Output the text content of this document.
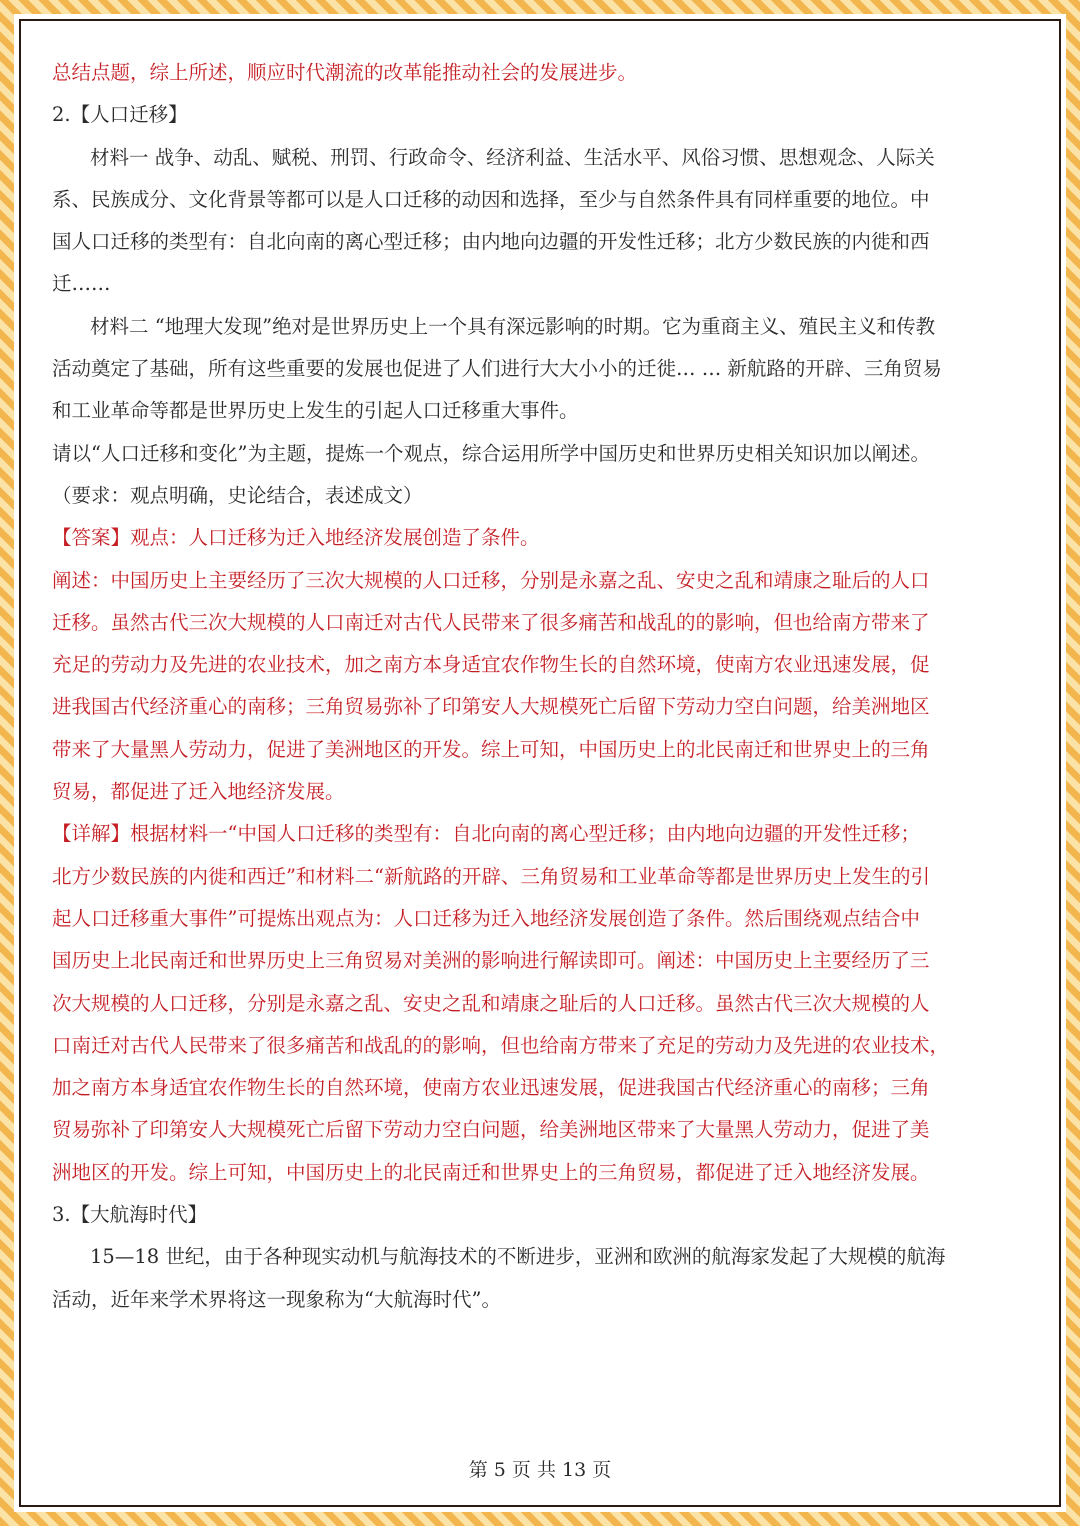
总结点题，综上所述，顺应时代潮流的改革能推动社会的发展进步。
2.【人口迁移】
材料一 战争、动乱、赋税、刑罚、行政命令、经济利益、生活水平、风俗习惯、思想观念、人际关
系、民族成分、文化背景等都可以是人口迁移的动因和选择，至少与自然条件具有同样重要的地位。中
国人口迁移的类型有：自北向南的离心型迁移；由内地向边疆的开发性迁移；北方少数民族的内徙和西
迁……
材料二 “地理大发现”绝对是世界历史上一个具有深远影响的时期。它为重商主义、殖民主义和传教
活动奠定了基础，所有这些重要的发展也促进了人们进行大大小小的迁徙… … 新航路的开辟、三角贸易
和工业革命等都是世界历史上发生的引起人口迁移重大事件。
请以“人口迁移和变化”为主题，提炼一个观点，综合运用所学中国历史和世界历史相关知识加以阐述。
（要求：观点明确，史论结合，表述成文）
【答案】观点：人口迁移为迁入地经济发展创造了条件。
阐述：中国历史上主要经历了三次大规模的人口迁移，分别是永嘉之乱、安史之乱和靖康之耻后的人口
迁移。虽然古代三次大规模的人口南迁对古代人民带来了很多痛苦和战乱的的影响，但也给南方带来了
充足的劳动力及先进的农业技术，加之南方本身适宜农作物生长的自然环境，使南方农业迅速发展，促
进我国古代经济重心的南移；三角贸易弥补了印第安人大规模死亡后留下劳动力空白问题，给美洲地区
带来了大量黑人劳动力，促进了美洲地区的开发。综上可知，中国历史上的北民南迁和世界史上的三角
贸易，都促进了迁入地经济发展。
【详解】根据材料一“中国人口迁移的类型有：自北向南的离心型迁移；由内地向边疆的开发性迁移；
北方少数民族的内徙和西迁”和材料二“新航路的开辟、三角贸易和工业革命等都是世界历史上发生的引
起人口迁移重大事件”可提炼出观点为：人口迁移为迁入地经济发展创造了条件。然后围绕观点结合中
国历史上北民南迁和世界历史上三角贸易对美洲的影响进行解读即可。阐述：中国历史上主要经历了三
次大规模的人口迁移，分别是永嘉之乱、安史之乱和靖康之耻后的人口迁移。虽然古代三次大规模的人
口南迁对古代人民带来了很多痛苦和战乱的的影响，但也给南方带来了充足的劳动力及先进的农业技术，
加之南方本身适宜农作物生长的自然环境，使南方农业迅速发展，促进我国古代经济重心的南移；三角
贸易弥补了印第安人大规模死亡后留下劳动力空白问题，给美洲地区带来了大量黑人劳动力，促进了美
洲地区的开发。综上可知，中国历史上的北民南迁和世界史上的三角贸易，都促进了迁入地经济发展。
3.【大航海时代】
15—18 世纪，由于各种现实动机与航海技术的不断进步，亚洲和欧洲的航海家发起了大规模的航海
活动，近年来学术界将这一现象称为“大航海时代”。
第 5 页 共 13 页
